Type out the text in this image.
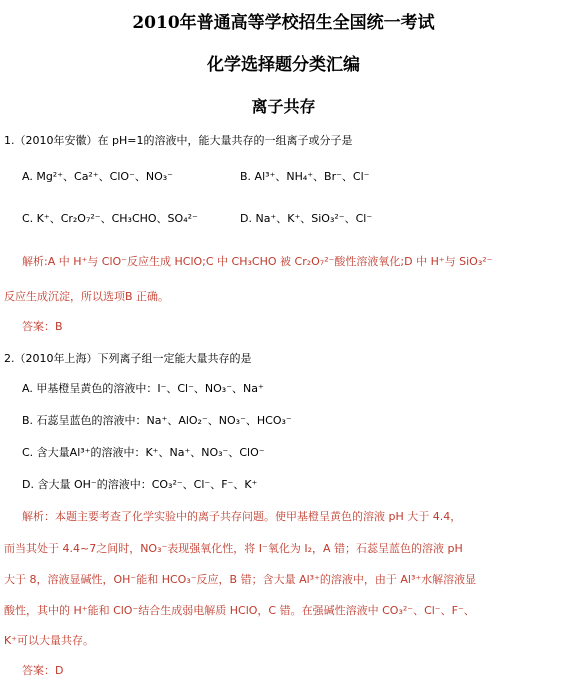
2010年普通高等学校招生全国统一考试
化学选择题分类汇编
离子共存
1.（2010年安徽）在 pH=1的溶液中，能大量共存的一组离子或分子是
A. Mg²⁺、Ca²⁺、ClO⁻、NO₃⁻	B. Al³⁺、NH₄⁺、Br⁻、Cl⁻
C. K⁺、Cr₂O₇²⁻、CH₃CHO、SO₄²⁻	D. Na⁺、K⁺、SiO₃²⁻、Cl⁻
解析:A 中 H⁺与 ClO⁻反应生成 HClO;C 中 CH₃CHO 被 Cr₂O₇²⁻酸性溶液氧化;D 中 H⁺与 SiO₃²⁻
反应生成沉淀，所以选项B 正确。
答案：B
2.（2010年上海）下列离子组一定能大量共存的是
A. 甲基橙呈黄色的溶液中：I⁻、Cl⁻、NO₃⁻、Na⁺
B. 石蕊呈蓝色的溶液中：Na⁺、AlO₂⁻、NO₃⁻、HCO₃⁻
C. 含大量Al³⁺的溶液中：K⁺、Na⁺、NO₃⁻、ClO⁻
D. 含大量 OH⁻的溶液中：CO₃²⁻、Cl⁻、F⁻、K⁺
解析：本题主要考查了化学实验中的离子共存问题。使甲基橙呈黄色的溶液 pH 大于 4.4，
而当其处于 4.4~7之间时，NO₃⁻表现强氧化性，将 I⁻氧化为 I₂，A 错；石蕊呈蓝色的溶液 pH
大于 8，溶液显碱性，OH⁻能和 HCO₃⁻反应，B 错；含大量 Al³⁺的溶液中，由于 Al³⁺水解溶液显
酸性，其中的 H⁺能和 ClO⁻结合生成弱电解质 HClO，C 错。在强碱性溶液中 CO₃²⁻、Cl⁻、F⁻、
K⁺可以大量共存。
答案：D
